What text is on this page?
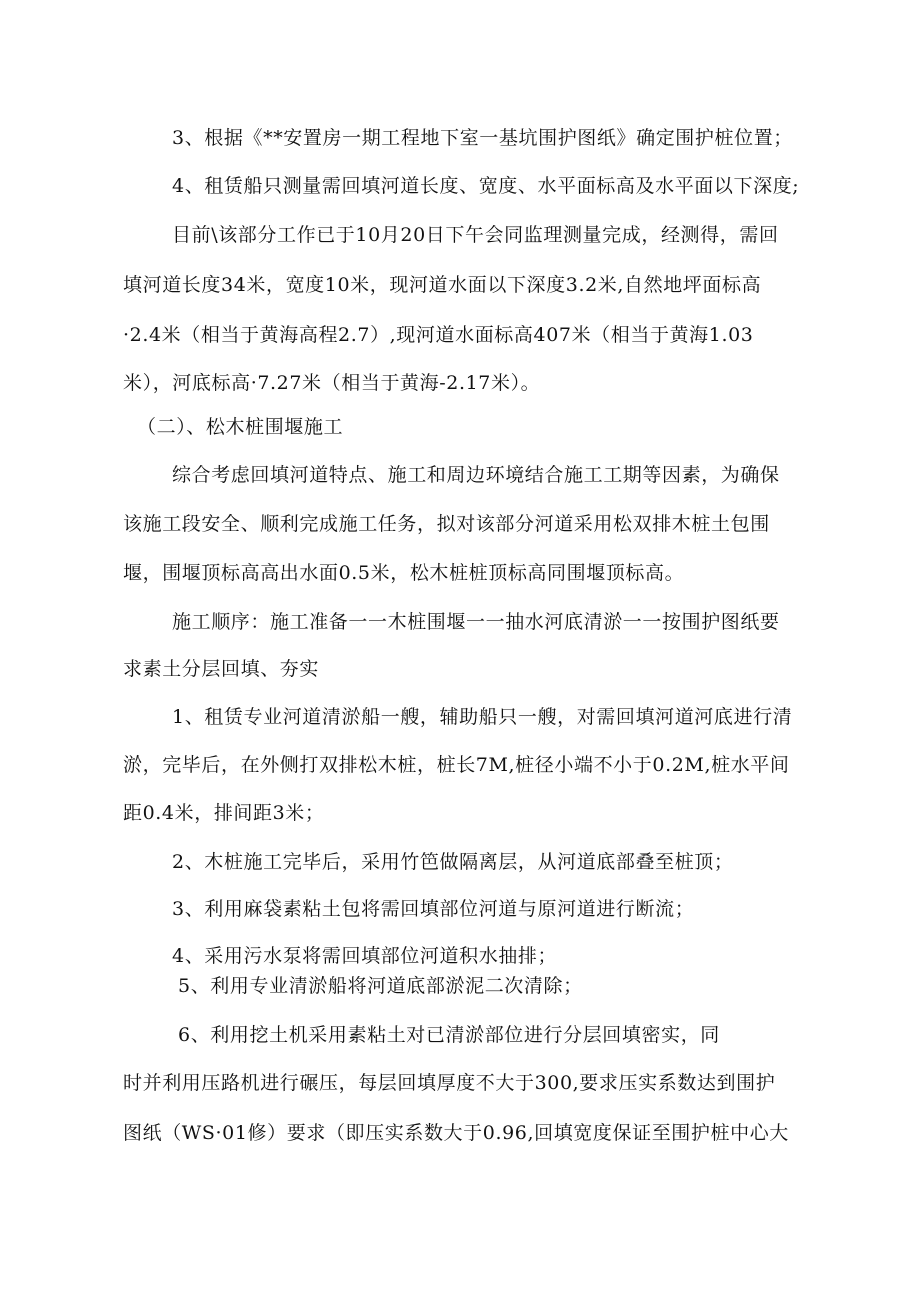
3、根据《**安置房一期工程地下室一基坑围护图纸》确定围护桩位置；
4、租赁船只测量需回填河道长度、宽度、水平面标高及水平面以下深度;
目前\该部分工作已于10月20日下午会同监理测量完成，经测得，需回
填河道长度34米，宽度10米，现河道水面以下深度3.2米,自然地坪面标高
·2.4米（相当于黄海高程2.7）,现河道水面标高407米（相当于黄海1.03
米），河底标高·7.27米（相当于黄海-2.17米）。
（二）、松木桩围堰施工
综合考虑回填河道特点、施工和周边环境结合施工工期等因素，为确保
该施工段安全、顺利完成施工任务，拟对该部分河道采用松双排木桩土包围
堰，围堰顶标高高出水面0.5米，松木桩桩顶标高同围堰顶标高。
施工顺序：施工准备一一木桩围堰一一抽水河底清淤一一按围护图纸要
求素土分层回填、夯实
1、租赁专业河道清淤船一艘，辅助船只一艘，对需回填河道河底进行清
淤，完毕后，在外侧打双排松木桩，桩长7M,桩径小端不小于0.2M,桩水平间
距0.4米，排间距3米；
2、木桩施工完毕后，采用竹笆做隔离层，从河道底部叠至桩顶；
3、利用麻袋素粘土包将需回填部位河道与原河道进行断流；
4、采用污水泵将需回填部位河道积水抽排；
5、利用专业清淤船将河道底部淤泥二次清除；
6、利用挖土机采用素粘土对已清淤部位进行分层回填密实，同
时并利用压路机进行碾压，每层回填厚度不大于300,要求压实系数达到围护
图纸（WS·01修）要求（即压实系数大于0.96,回填宽度保证至围护桩中心大
